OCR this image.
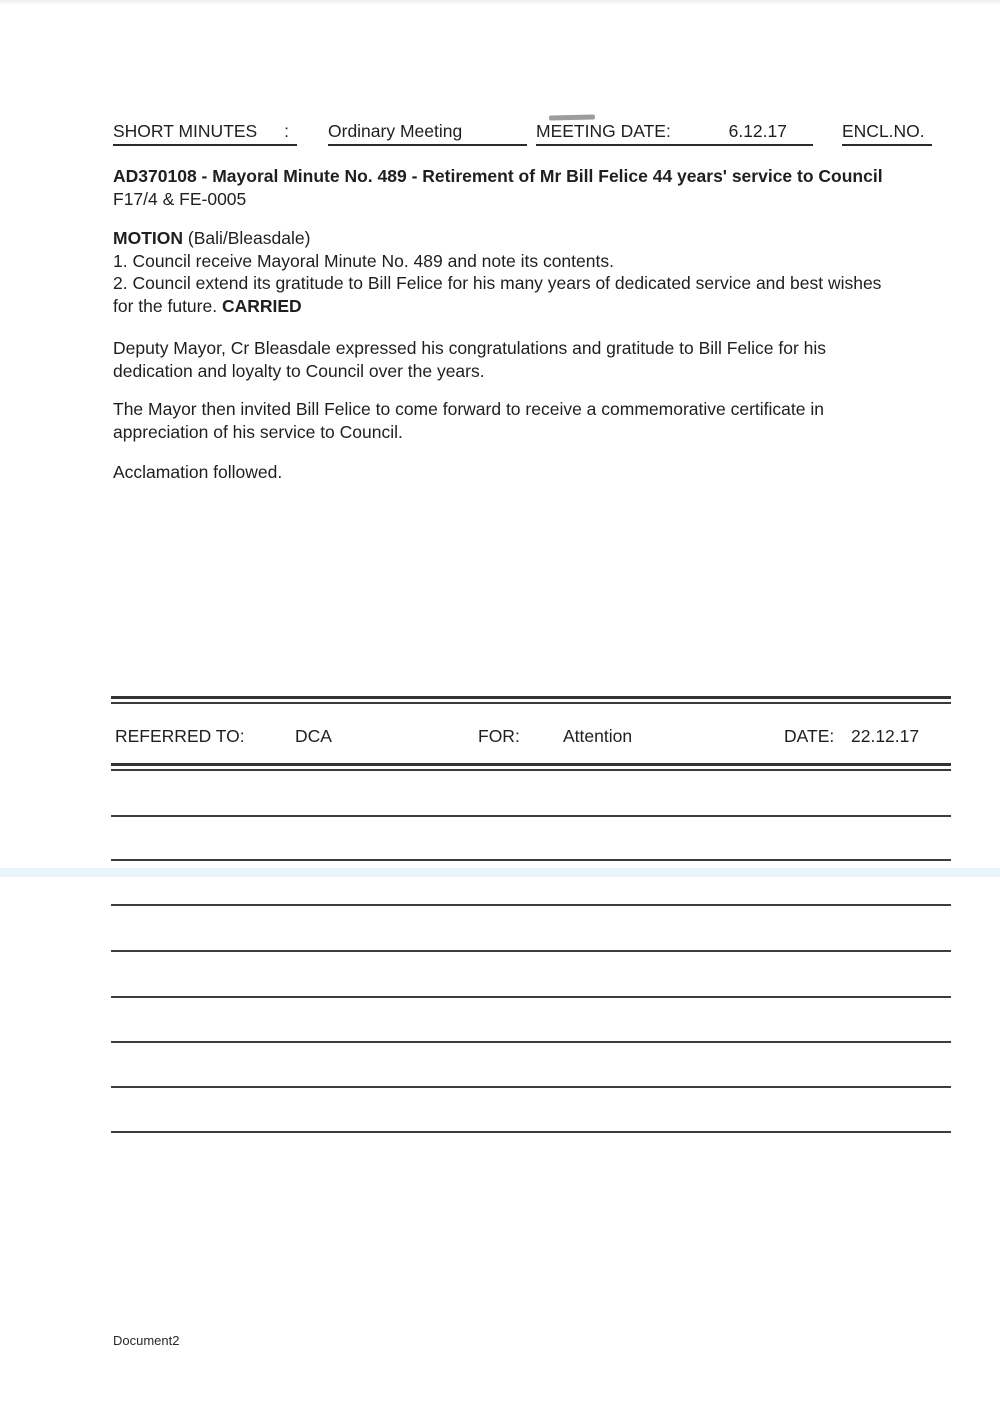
SHORT MINUTES : Ordinary Meeting	MEETING DATE:	6.12.17	ENCL.NO.
AD370108 - Mayoral Minute No. 489 - Retirement of Mr Bill Felice 44 years' service to Council
F17/4 & FE-0005
MOTION (Bali/Bleasdale)
1. Council receive Mayoral Minute No. 489 and note its contents.
2. Council extend its gratitude to Bill Felice for his many years of dedicated service and best wishes
for the future. CARRIED
Deputy Mayor, Cr Bleasdale expressed his congratulations and gratitude to Bill Felice for his
dedication and loyalty to Council over the years.
The Mayor then invited Bill Felice to come forward to receive a commemorative certificate in
appreciation of his service to Council.
Acclamation followed.
REFERRED TO:	DCA	FOR: Attention	DATE: 22.12.17
Document2
